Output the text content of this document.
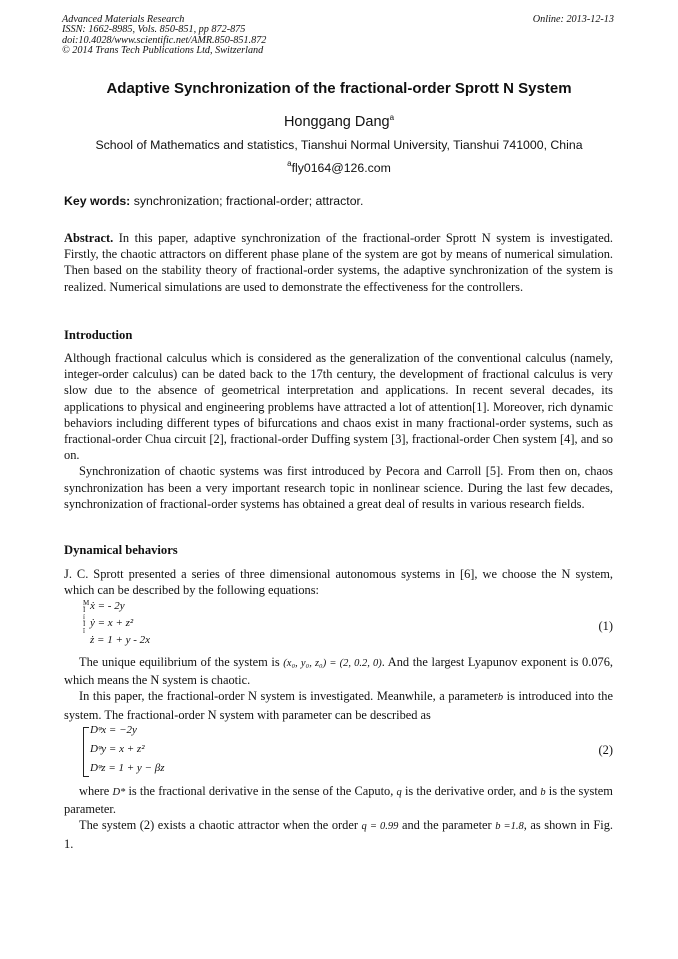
Advanced Materials Research
ISSN: 1662-8985, Vols. 850-851, pp 872-875
doi:10.4028/www.scientific.net/AMR.850-851.872
© 2014 Trans Tech Publications Ltd, Switzerland
Online: 2013-12-13
Adaptive Synchronization of the fractional-order Sprott N System
Honggang Dang$^a$
School of Mathematics and statistics, Tianshui Normal University, Tianshui 741000, China
$^a$fly0164@126.com
Key words: synchronization; fractional-order; attractor.

Abstract. In this paper, adaptive synchronization of the fractional-order Sprott N system is investigated. Firstly, the chaotic attractors on different phase plane of the system are got by means of numerical simulation. Then based on the stability theory of fractional-order systems, the adaptive synchronization of the system is realized. Numerical simulations are used to demonstrate the effectiveness for the controllers.

Introduction

Although fractional calculus which is considered as the generalization of the conventional calculus (namely, integer-order calculus) can be dated back to the 17th century, the development of fractional calculus is very slow due to the absence of geometrical interpretation and applications. In recent several decades, its applications to physical and engineering problems have attracted a lot of attention[1]. Moreover, rich dynamic behaviors including different types of bifurcations and chaos exist in many fractional-order systems, such as fractional-order Chua circuit [2], fractional-order Duffing system [3], fractional-order Chen system [4], and so on.

Synchronization of chaotic systems was first introduced by Pecora and Carroll [5]. From then on, chaos synchronization has been a very important research topic in nonlinear science. During the last few decades, synchronization of fractional-order systems has obtained a great deal of results in various research fields.

Dynamical behaviors

J. C. Sprott presented a series of three dimensional autonomous systems in [6], we choose the N system, which can be described by the following equations:

M
Ï
í
Ï
î
ẋ = - 2y
ẏ = x + z²
ż = 1 + y - 2x
(1)

The unique equilibrium of the system is (x₀, y₀, z₀) = (2, 0.2, 0). And the largest Lyapunov exponent is 0.076, which means the N system is chaotic.

In this paper, the fractional-order N system is investigated. Meanwhile, a parameterb is introduced into the system. The fractional-order N system with parameter can be described as

Dᵠx = −2y
Dᵠy = x + z²
Dᵠz = 1 + y − βz
(2)

where D* is the fractional derivative in the sense of the Caputo, q is the derivative order, and b is the system parameter.

The system (2) exists a chaotic attractor when the order q = 0.99 and the parameter b =1.8, as shown in Fig. 1.
